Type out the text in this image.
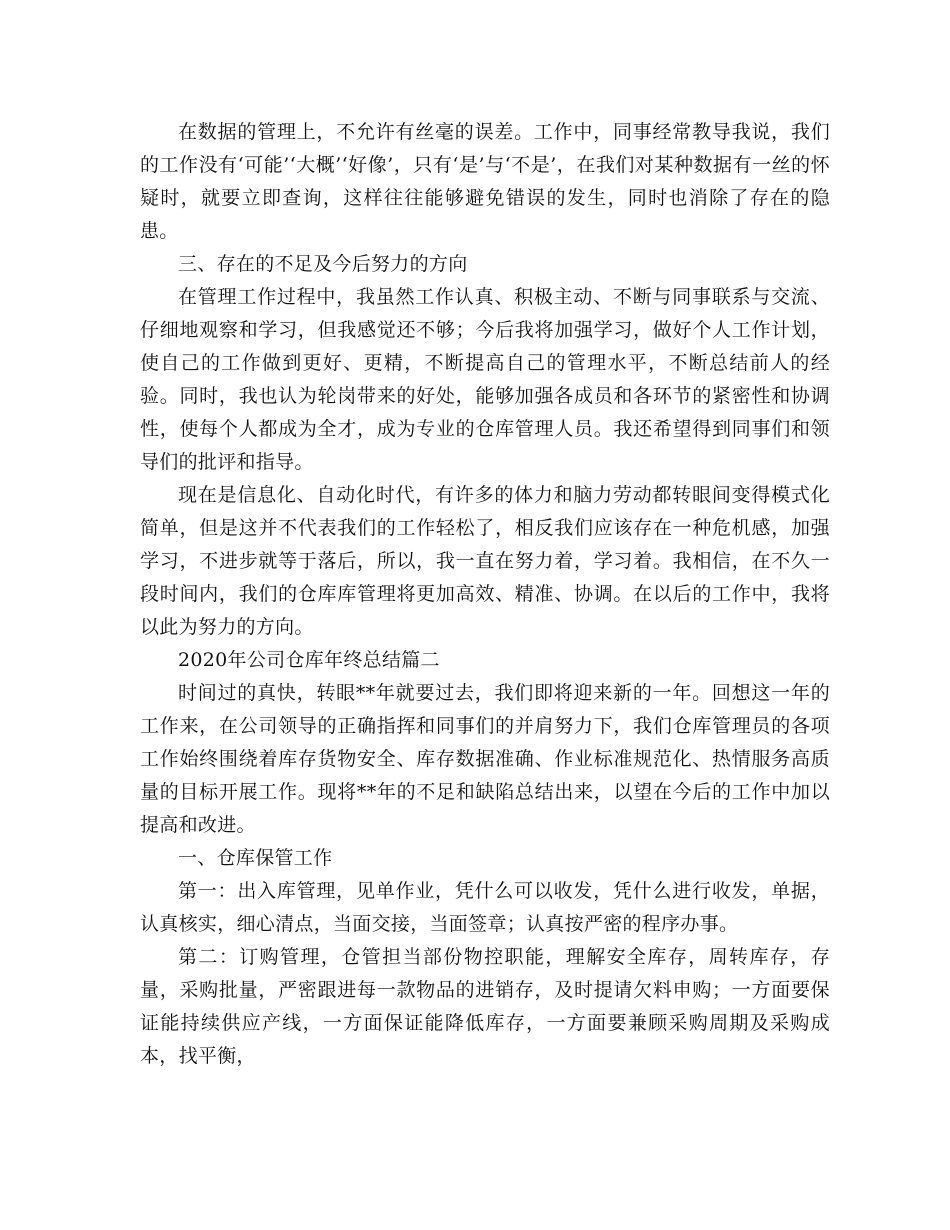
在数据的管理上，不允许有丝毫的误差。工作中，同事经常教导我说，我们的工作没有‘可能’‘大概’‘好像’，只有‘是’与‘不是’，在我们对某种数据有一丝的怀疑时，就要立即查询，这样往往能够避免错误的发生，同时也消除了存在的隐患。

三、存在的不足及今后努力的方向

在管理工作过程中，我虽然工作认真、积极主动、不断与同事联系与交流、仔细地观察和学习，但我感觉还不够；今后我将加强学习，做好个人工作计划，使自己的工作做到更好、更精，不断提高自己的管理水平，不断总结前人的经验。同时，我也认为轮岗带来的好处，能够加强各成员和各环节的紧密性和协调性，使每个人都成为全才，成为专业的仓库管理人员。我还希望得到同事们和领导们的批评和指导。

现在是信息化、自动化时代，有许多的体力和脑力劳动都转眼间变得模式化简单，但是这并不代表我们的工作轻松了，相反我们应该存在一种危机感，加强学习，不进步就等于落后，所以，我一直在努力着，学习着。我相信，在不久一段时间内，我们的仓库库管理将更加高效、精准、协调。在以后的工作中，我将以此为努力的方向。

2020年公司仓库年终总结篇二

时间过的真快，转眼**年就要过去，我们即将迎来新的一年。回想这一年的工作来，在公司领导的正确指挥和同事们的并肩努力下，我们仓库管理员的各项工作始终围绕着库存货物安全、库存数据准确、作业标准规范化、热情服务高质量的目标开展工作。现将**年的不足和缺陷总结出来，以望在今后的工作中加以提高和改进。

一、仓库保管工作

第一：出入库管理，见单作业，凭什么可以收发，凭什么进行收发，单据，认真核实，细心清点，当面交接，当面签章；认真按严密的程序办事。

第二：订购管理，仓管担当部份物控职能，理解安全库存，周转库存，存量，采购批量，严密跟进每一款物品的进销存，及时提请欠料申购；一方面要保证能持续供应产线，一方面保证能降低库存，一方面要兼顾采购周期及采购成本，找平衡，
